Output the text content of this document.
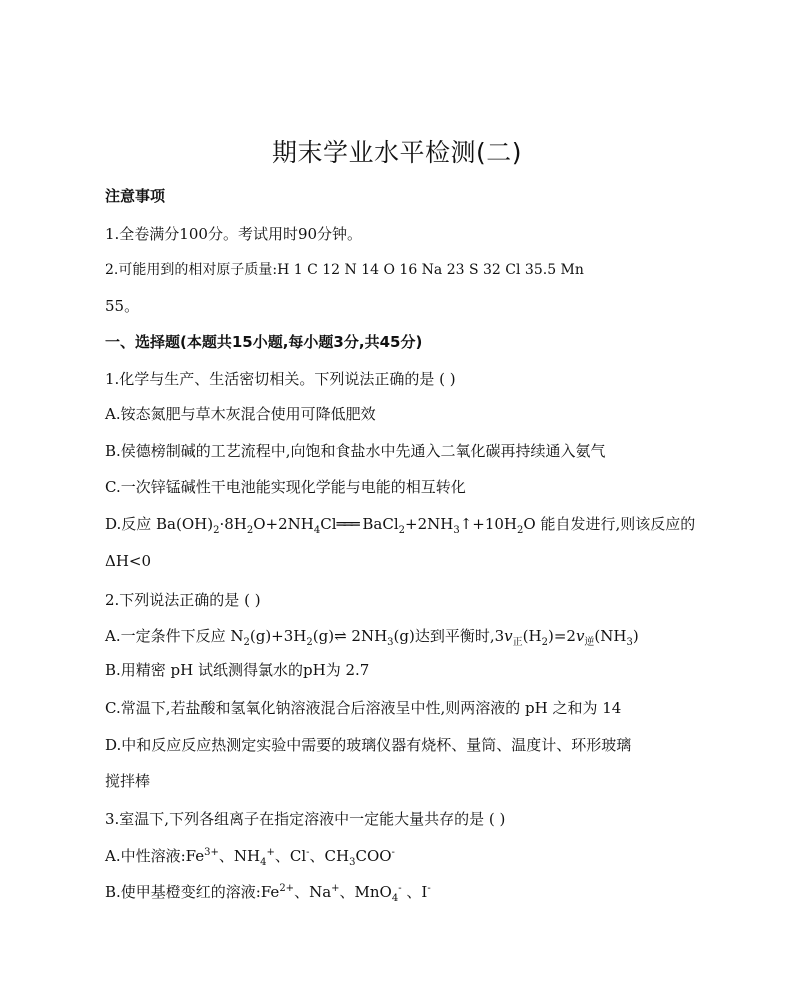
期末学业水平检测(二)
注意事项
1.全卷满分100分。考试用时90分钟。
2.可能用到的相对原子质量:H 1 C 12 N 14 O 16 Na 23 S 32 Cl 35.5 Mn
55。
一、选择题(本题共15小题,每小题3分,共45分)
1.化学与生产、生活密切相关。下列说法正确的是 ( )
A.铵态氮肥与草木灰混合使用可降低肥效
B.侯德榜制碱的工艺流程中,向饱和食盐水中先通入二氧化碳再持续通入氨气
C.一次锌锰碱性干电池能实现化学能与电能的相互转化
D.反应 $Ba(OH)_2\cdot 8H_2O+2NH_4Cl═══$ $BaCl_2+2NH_3↑+10H_2O$ 能自发进行,则该反应的
ΔH<0
2.下列说法正确的是 ( )
A.一定条件下反应 $N_2(g)+3H_2(g)\rightleftharpoons$ $2NH_3(g)$达到平衡时$,3v_正(H_2)=2v_逆(NH_3)$
B.用精密 pH 试纸测得氯水的pH为 2.7
C.常温下,若盐酸和氢氧化钠溶液混合后溶液呈中性,则两溶液的 pH 之和为 14
D.中和反应反应热测定实验中需要的玻璃仪器有烧杯、量筒、温度计、环形玻璃
搅拌棒
3.室温下,下列各组离子在指定溶液中一定能大量共存的是 ( )
A.中性溶液$:Fe^{3+}$、$NH_4^+$、Cl-、$CH_3COO^-$
B.使甲基橙变红的溶液$:Fe^{2+}$、Na+、MnO$_4$- 、I-
